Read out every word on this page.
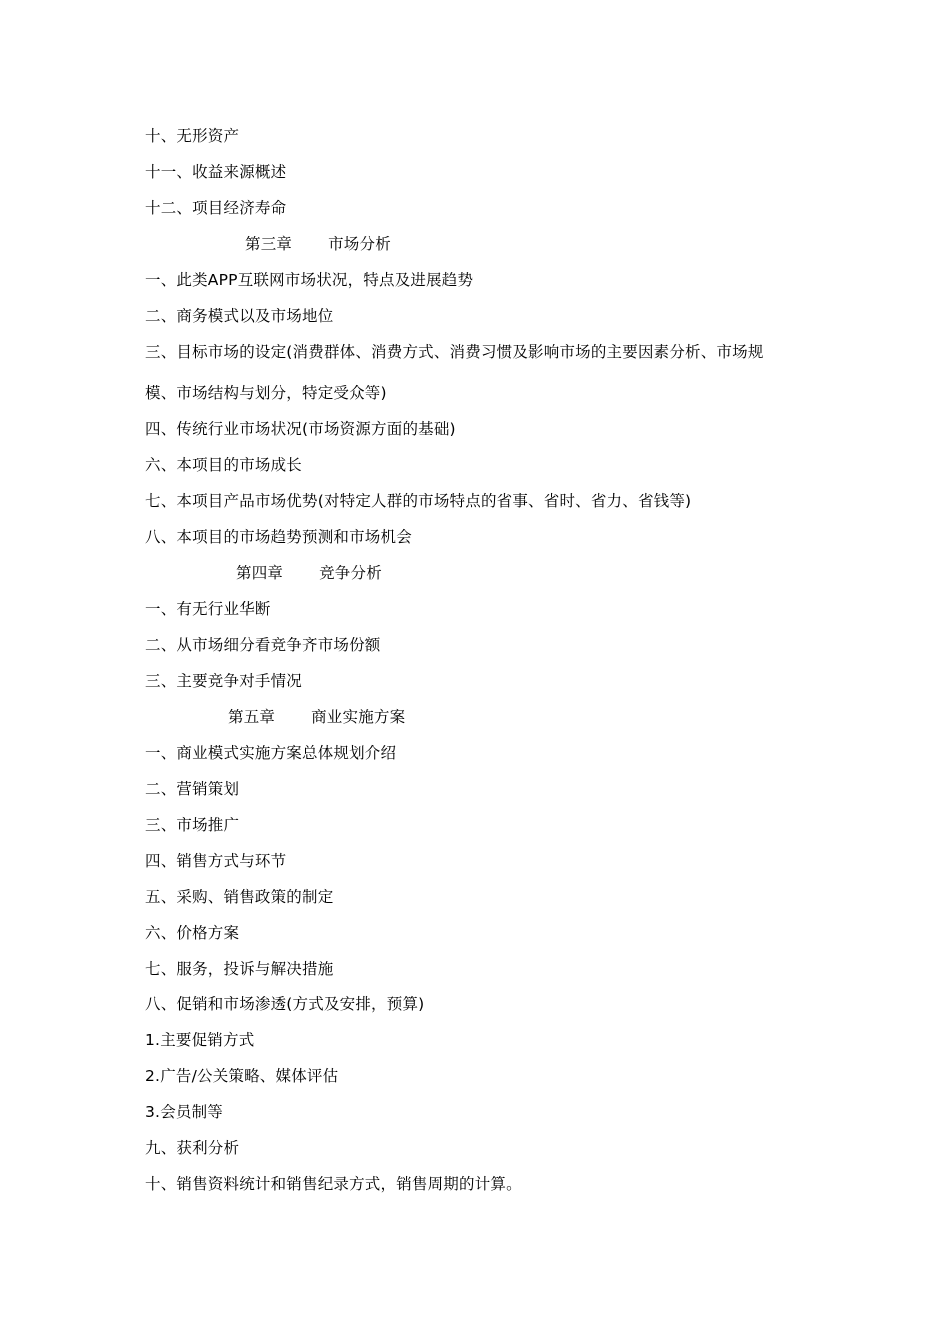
十、无形资产
十一、收益来源概述
十二、项目经济寿命
第三章 市场分析
一、此类APP互联网市场状况，特点及进展趋势
二、商务模式以及市场地位
三、目标市场的设定(消费群体、消费方式、消费习惯及影响市场的主要因素分析、市场规
模、市场结构与划分，特定受众等)
四、传统行业市场状况(市场资源方面的基础)
六、本项目的市场成长
七、本项目产品市场优势(对特定人群的市场特点的省事、省时、省力、省钱等)
八、本项目的市场趋势预测和市场机会
第四章 竞争分析
一、有无行业华断
二、从市场细分看竞争齐市场份额
三、主要竞争对手情况
第五章 商业实施方案
一、商业模式实施方案总体规划介绍
二、营销策划
三、市场推广
四、销售方式与环节
五、采购、销售政策的制定
六、价格方案
七、服务，投诉与解决措施
八、促销和市场渗透(方式及安排，预算)
1.主要促销方式
2.广告/公关策略、媒体评估
3.会员制等
九、获利分析
十、销售资料统计和销售纪录方式，销售周期的计算。
